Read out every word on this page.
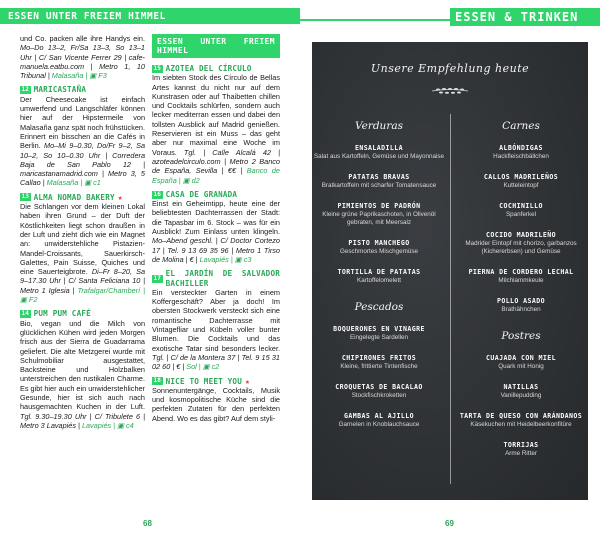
ESSEN UNTER FREIEM HIMMEL
und Co. packen alle ihre Handys ein. Mo–Do 13–2, Fr/Sa 13–3, So 13–1 Uhr | C/ San Vicente Ferrer 29 | cafe-manuela.eatbu.com | Metro 1, 10 Tribunal | Malasaña | ▣ F3
12 MARICASTAÑA
Der Cheesecake ist einfach umwerfend und Langschläfer können hier auf der Hipstermeile von Malasaña ganz spät noch frühstücken. Erinnert ein bisschen an die Cafés in Berlin. Mo–Mi 9–0.30, Do/Fr 9–2, Sa 10–2, So 10–0.30 Uhr | Corredera Baja de San Pablo 12 | maricastanamadrid.com | Metro 3, 5 Callao | Malasaña | ▣ c1
13 ALMA NOMAD BAKERY ★
Die Schlangen vor dem kleinen Lokal haben ihren Grund – der Duft der Köstlichkeiten liegt schon draußen in der Luft und zieht dich wie ein Magnet an: unwiderstehliche Pistazien-Mandel-Croissants, Sauerkirsch-Galettes, Pain Suisse, Quiches und eine Sauerteigbrote. Di–Fr 8–20, Sa 9–17.30 Uhr | C/ Santa Feliciana 10 | Metro 1 Iglesia | Trafalgar/Chamberí | ▣ F2
14 PUM PUM CAFÉ
Bio, vegan und die Milch von glücklichen Kühen wird jeden Morgen frisch aus der Sierra de Guadarrama geliefert. Die alte Metzgerei wurde mit Schulmobiliar ausgestattet, Backsteine und Holzbalken unterstreichen den rustikalen Charme. Es gibt hier auch ein unwiderstehlicher Gesunde, hier ist sich auch nach hausgemachten Kuchen in der Luft. Tgl. 9.30–19.30 Uhr | C/ Tribulete 6 | Metro 3 Lavapiés | Lavapiés | ▣ c4
ESSEN UNTER FREIEM HIMMEL
15 AZOTEA DEL CÍRCULO
Im siebten Stock des Círculo de Bellas Artes kannst du nicht nur auf dem Kunstrasen oder auf Thaibetten chillen und Cocktails schlürfen, sondern auch lecker mediterran essen und dabei den tollsten Ausblick auf Madrid genießen. Reservieren ist ein Muss – das geht aber nur maximal eine Woche im Voraus. Tgl. | Calle Alcalá 42 | azoteadelcirculo.com | Metro 2 Banco de España, Sevilla | €€ | Banco de España | ▣ d2
16 CASA DE GRANADA
Einst ein Geheimtipp, heute eine der beliebtesten Dachterrassen der Stadt: die Tapasbar im 6. Stock – was für ein Ausblick! Zum Einlass unten klingeln. Mo–Abend geschl. | C/ Doctor Cortezo 17 | Tel. 9 13 69 35 96 | Metro 1 Tirso de Molina | € | Lavapiés | ▣ c3
17 EL JARDÍN DE SALVADOR BACHILLER
Ein versteckter Garten in einem Koffergeschäft? Aber ja doch! Im obersten Stockwerk versteckt sich eine romantische Dachterrasse mit Vintagefliar und Kübeln voller bunter Blumen. Die Cocktails und das exotische Tatar sind besonders lecker. Tgl. | C/ de la Montera 37 | Tel. 9 15 31 02 60 | € | Sol | ▣ c2
18 NICE TO MEET YOU ★
Sonnenuntergänge, Cocktails, Musik und kosmopolitische Küche sind die perfekten Zutaten für den perfekten Abend. Wo es das gibt? Auf dem styli-
68
ESSEN & TRINKEN
Unsere Empfehlung heute
Verduras
ENSALADILLA
Salat aus Kartoffeln, Gemüse und Mayonnaise
PATATAS BRAVAS
Bratkartoffeln mit scharfer Tomatensauce
PIMIENTOS DE PADRÓN
Kleine grüne Paprikaschoten, in Olivenöl gebraten, mit Meersalz
PISTO MANCHEGO
Geschmortes Mischgemüse
TORTILLA DE PATATAS
Kartoffelomelett
Pescados
BOQUERONES EN VINAGRE
Eingelegte Sardellen
CHIPIRONES FRITOS
Kleine, frittierte Tintenfische
CROQUETAS DE BACALAO
Stockfischkroketten
GAMBAS AL AJILLO
Garnelen in Knoblauchsauce
Carnes
ALBÓNDIGAS
Hackfleischbällchen
CALLOS MADRILEÑOS
Kutteleintopf
COCHINILLO
Spanferkel
COCIDO MADRILEÑO
Madrider Eintopf mit chorizo, garbanzos (Kichererbsen) und Gemüse
PIERNA DE CORDERO LECHAL
Milchlammkeule
POLLO ASADO
Brathähnchen
Postres
CUAJADA CON MIEL
Quark mit Honig
NATILLAS
Vanillepudding
TARTA DE QUESO CON ARÁNDANOS
Käsekuchen mit Heidelbeerkonfitüre
TORRIJAS
Arme Ritter
69
